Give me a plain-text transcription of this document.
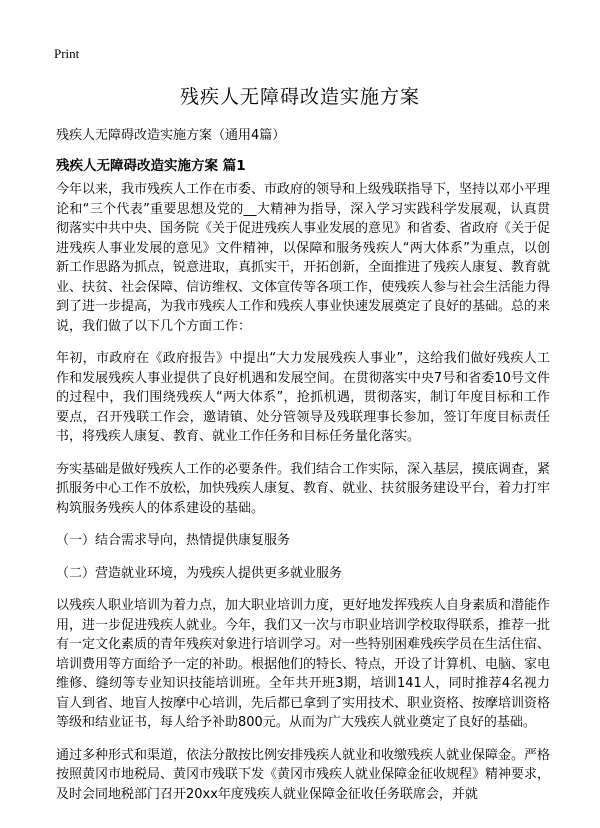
Print
残疾人无障碍改造实施方案
残疾人无障碍改造实施方案（通用4篇）
残疾人无障碍改造实施方案 篇1

今年以来，我市残疾人工作在市委、市政府的领导和上级残联指导下，坚持以邓小平理论和“三个代表”重要思想及党的__大精神为指导，深入学习实践科学发展观，认真贯彻落实中共中央、国务院《关于促进残疾人事业发展的意见》和省委、省政府《关于促进残疾人事业发展的意见》文件精神，以保障和服务残疾人“两大体系”为重点，以创新工作思路为抓点，锐意进取，真抓实干，开拓创新，全面推进了残疾人康复、教育就业、扶贫、社会保障、信访维权、文体宣传等各项工作，使残疾人参与社会生活能力得到了进一步提高，为我市残疾人工作和残疾人事业快速发展奠定了良好的基础。总的来说，我们做了以下几个方面工作：

年初，市政府在《政府报告》中提出“大力发展残疾人事业”，这给我们做好残疾人工作和发展残疾人事业提供了良好机遇和发展空间。在贯彻落实中央7号和省委10号文件的过程中，我们围绕残疾人“两大体系”，抢抓机遇，贯彻落实，制订年度目标和工作要点，召开残联工作会，邀请镇、处分管领导及残联理事长参加，签订年度目标责任书，将残疾人康复、教育、就业工作任务和目标任务量化落实。

夯实基础是做好残疾人工作的必要条件。我们结合工作实际，深入基层，摸底调查，紧抓服务中心工作不放松，加快残疾人康复、教育、就业、扶贫服务建设平台，着力打牢构筑服务残疾人的体系建设的基础。

（一）结合需求导向，热情提供康复服务

（二）营造就业环境，为残疾人提供更多就业服务

以残疾人职业培训为着力点，加大职业培训力度，更好地发挥残疾人自身素质和潜能作用，进一步促进残疾人就业。今年，我们又一次与市职业培训学校取得联系，推荐一批有一定文化素质的青年残疾对象进行培训学习。对一些特别困难残疾学员在生活住宿、培训费用等方面给予一定的补助。根据他们的特长、特点，开设了计算机、电脑、家电维修、缝纫等专业知识技能培训班。全年共开班3期，培训141人，同时推荐4名视力盲人到省、地盲人按摩中心培训，先后都已拿到了实用技术、职业资格、按摩培训资格等级和结业证书，每人给予补助800元。从而为广大残疾人就业奠定了良好的基础。

通过多种形式和渠道，依法分散按比例安排残疾人就业和收缴残疾人就业保障金。严格按照黄冈市地税局、黄冈市残联下发《黄冈市残疾人就业保障金征收规程》精神要求，及时会同地税部门召开20xx年度残疾人就业保障金征收任务联席会，并就
